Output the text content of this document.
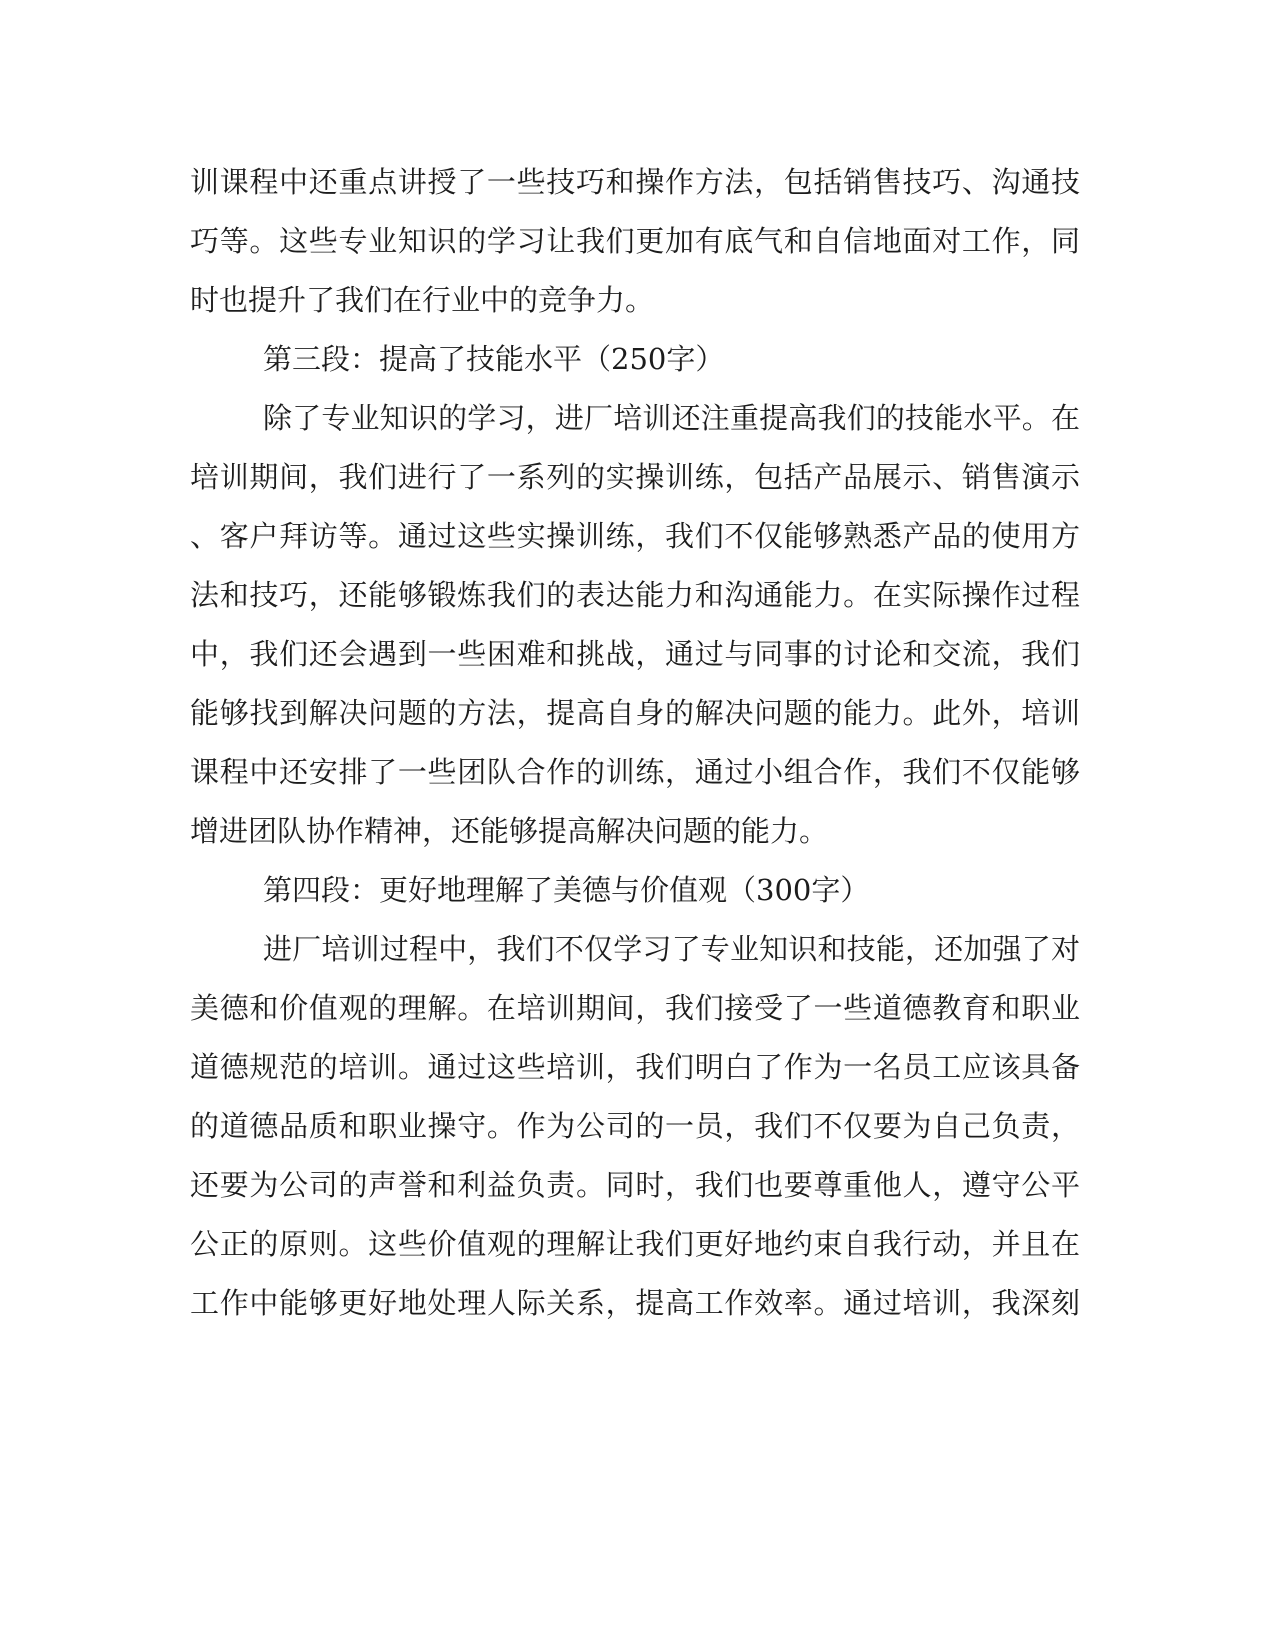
训课程中还重点讲授了一些技巧和操作方法，包括销售技巧、沟通技
巧等。这些专业知识的学习让我们更加有底气和自信地面对工作，同
时也提升了我们在行业中的竞争力。
第三段：提高了技能水平（250字）
除了专业知识的学习，进厂培训还注重提高我们的技能水平。在
培训期间，我们进行了一系列的实操训练，包括产品展示、销售演示
、客户拜访等。通过这些实操训练，我们不仅能够熟悉产品的使用方
法和技巧，还能够锻炼我们的表达能力和沟通能力。在实际操作过程
中，我们还会遇到一些困难和挑战，通过与同事的讨论和交流，我们
能够找到解决问题的方法，提高自身的解决问题的能力。此外，培训
课程中还安排了一些团队合作的训练，通过小组合作，我们不仅能够
增进团队协作精神，还能够提高解决问题的能力。
第四段：更好地理解了美德与价值观（300字）
进厂培训过程中，我们不仅学习了专业知识和技能，还加强了对
美德和价值观的理解。在培训期间，我们接受了一些道德教育和职业
道德规范的培训。通过这些培训，我们明白了作为一名员工应该具备
的道德品质和职业操守。作为公司的一员，我们不仅要为自己负责，
还要为公司的声誉和利益负责。同时，我们也要尊重他人，遵守公平
公正的原则。这些价值观的理解让我们更好地约束自我行动，并且在
工作中能够更好地处理人际关系，提高工作效率。通过培训，我深刻
